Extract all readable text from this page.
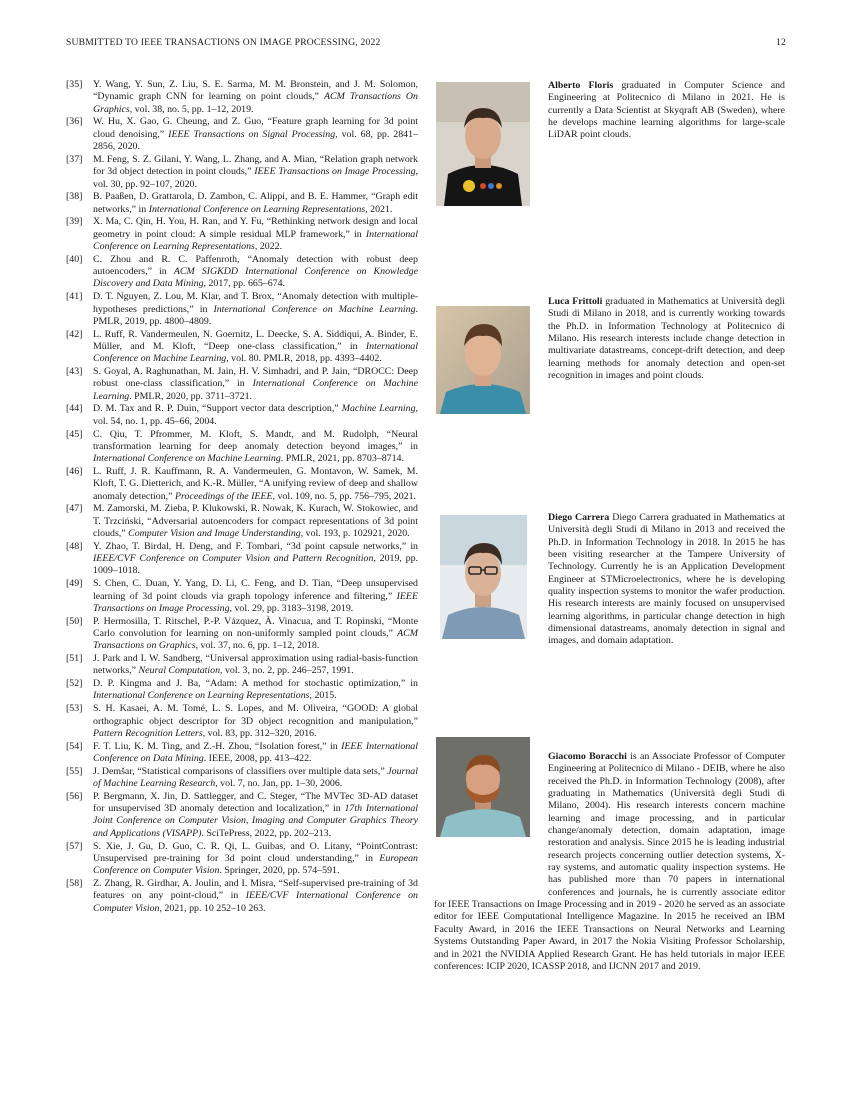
SUBMITTED TO IEEE TRANSACTIONS ON IMAGE PROCESSING, 2022	12
[35] Y. Wang, Y. Sun, Z. Liu, S. E. Sarma, M. M. Bronstein, and J. M. Solomon, “Dynamic graph CNN for learning on point clouds,” ACM Transactions On Graphics, vol. 38, no. 5, pp. 1–12, 2019.
[36] W. Hu, X. Gao, G. Cheung, and Z. Guo, “Feature graph learning for 3d point cloud denoising,” IEEE Transactions on Signal Processing, vol. 68, pp. 2841–2856, 2020.
[37] M. Feng, S. Z. Gilani, Y. Wang, L. Zhang, and A. Mian, “Relation graph network for 3d object detection in point clouds,” IEEE Transactions on Image Processing, vol. 30, pp. 92–107, 2020.
[38] B. Paaßen, D. Grattarola, D. Zambon, C. Alippi, and B. E. Hammer, “Graph edit networks,” in International Conference on Learning Representations, 2021.
[39] X. Ma, C. Qin, H. You, H. Ran, and Y. Fu, “Rethinking network design and local geometry in point cloud: A simple residual MLP framework,” in International Conference on Learning Representations, 2022.
[40] C. Zhou and R. C. Paffenroth, “Anomaly detection with robust deep autoencoders,” in ACM SIGKDD International Conference on Knowledge Discovery and Data Mining, 2017, pp. 665–674.
[41] D. T. Nguyen, Z. Lou, M. Klar, and T. Brox, “Anomaly detection with multiple-hypotheses predictions,” in International Conference on Machine Learning. PMLR, 2019, pp. 4800–4809.
[42] L. Ruff, R. Vandermeulen, N. Goernitz, L. Deecke, S. A. Siddiqui, A. Binder, E. Müller, and M. Kloft, “Deep one-class classification,” in International Conference on Machine Learning, vol. 80. PMLR, 2018, pp. 4393–4402.
[43] S. Goyal, A. Raghunathan, M. Jain, H. V. Simhadri, and P. Jain, “DROCC: Deep robust one-class classification,” in International Conference on Machine Learning. PMLR, 2020, pp. 3711–3721.
[44] D. M. Tax and R. P. Duin, “Support vector data description,” Machine Learning, vol. 54, no. 1, pp. 45–66, 2004.
[45] C. Qiu, T. Pfrommer, M. Kloft, S. Mandt, and M. Rudolph, “Neural transformation learning for deep anomaly detection beyond images,” in International Conference on Machine Learning. PMLR, 2021, pp. 8703–8714.
[46] L. Ruff, J. R. Kauffmann, R. A. Vandermeulen, G. Montavon, W. Samek, M. Kloft, T. G. Dietterich, and K.-R. Müller, “A unifying review of deep and shallow anomaly detection,” Proceedings of the IEEE, vol. 109, no. 5, pp. 756–795, 2021.
[47] M. Zamorski, M. Zieba, P. Klukowski, R. Nowak, K. Kurach, W. Stokowiec, and T. Trzciński, “Adversarial autoencoders for compact representations of 3d point clouds,” Computer Vision and Image Understanding, vol. 193, p. 102921, 2020.
[48] Y. Zhao, T. Birdal, H. Deng, and F. Tombari, “3d point capsule networks,” in IEEE/CVF Conference on Computer Vision and Pattern Recognition, 2019, pp. 1009–1018.
[49] S. Chen, C. Duan, Y. Yang, D. Li, C. Feng, and D. Tian, “Deep unsupervised learning of 3d point clouds via graph topology inference and filtering,” IEEE Transactions on Image Processing, vol. 29, pp. 3183–3198, 2019.
[50] P. Hermosilla, T. Ritschel, P.-P. Vázquez, À. Vinacua, and T. Ropinski, “Monte Carlo convolution for learning on non-uniformly sampled point clouds,” ACM Transactions on Graphics, vol. 37, no. 6, pp. 1–12, 2018.
[51] J. Park and I. W. Sandberg, “Universal approximation using radial-basis-function networks,” Neural Computation, vol. 3, no. 2, pp. 246–257, 1991.
[52] D. P. Kingma and J. Ba, “Adam: A method for stochastic optimization,” in International Conference on Learning Representations, 2015.
[53] S. H. Kasaei, A. M. Tomé, L. S. Lopes, and M. Oliveira, “GOOD: A global orthographic object descriptor for 3D object recognition and manipulation,” Pattern Recognition Letters, vol. 83, pp. 312–320, 2016.
[54] F. T. Liu, K. M. Ting, and Z.-H. Zhou, “Isolation forest,” in IEEE International Conference on Data Mining. IEEE, 2008, pp. 413–422.
[55] J. Demšar, “Statistical comparisons of classifiers over multiple data sets,” Journal of Machine Learning Research, vol. 7, no. Jan, pp. 1–30, 2006.
[56] P. Bergmann, X. Jin, D. Sattlegger, and C. Steger, “The MVTec 3D-AD dataset for unsupervised 3D anomaly detection and localization,” in 17th International Joint Conference on Computer Vision, Imaging and Computer Graphics Theory and Applications (VISAPP). SciTePress, 2022, pp. 202–213.
[57] S. Xie, J. Gu, D. Guo, C. R. Qi, L. Guibas, and O. Litany, “PointContrast: Unsupervised pre-training for 3d point cloud understanding,” in European Conference on Computer Vision. Springer, 2020, pp. 574–591.
[58] Z. Zhang, R. Girdhar, A. Joulin, and I. Misra, “Self-supervised pre-training of 3d features on any point-cloud,” in IEEE/CVF International Conference on Computer Vision, 2021, pp. 10 252–10 263.
Alberto Floris graduated in Computer Science and Engineering at Politecnico di Milano in 2021. He is currently a Data Scientist at Skyqraft AB (Sweden), where he develops machine learning algorithms for large-scale LiDAR point clouds.
Luca Frittoli graduated in Mathematics at Università degli Studi di Milano in 2018, and is currently working towards the Ph.D. in Information Technology at Politecnico di Milano. His research interests include change detection in multivariate datastreams, concept-drift detection, and deep learning methods for anomaly detection and open-set recognition in images and point clouds.
Diego Carrera Diego Carrera graduated in Mathematics at Università degli Studi di Milano in 2013 and received the Ph.D. in Information Technology in 2018. In 2015 he has been visiting researcher at the Tampere University of Technology. Currently he is an Application Development Engineer at STMicroelectronics, where he is developing quality inspection systems to monitor the wafer production. His research interests are mainly focused on unsupervised learning algorithms, in particular change detection in high dimensional datastreams, anomaly detection in signal and images, and domain adaptation.
Giacomo Boracchi is an Associate Professor of Computer Engineering at Politecnico di Milano - DEIB, where he also received the Ph.D. in Information Technology (2008), after graduating in Mathematics (Università degli Studi di Milano, 2004). His research interests concern machine learning and image processing, and in particular change/anomaly detection, domain adaptation, image restoration and analysis. Since 2015 he is leading industrial research projects concerning outlier detection systems, X-ray systems, and automatic quality inspection systems. He has published more than 70 papers in international conferences and journals, he is currently associate editor for IEEE Transactions on Image Processing and in 2019 - 2020 he served as an associate editor for IEEE Computational Intelligence Magazine. In 2015 he received an IBM Faculty Award, in 2016 the IEEE Transactions on Neural Networks and Learning Systems Outstanding Paper Award, in 2017 the Nokia Visiting Professor Scholarship, and in 2021 the NVIDIA Applied Research Grant. He has held tutorials in major IEEE conferences: ICIP 2020, ICASSP 2018, and IJCNN 2017 and 2019.
